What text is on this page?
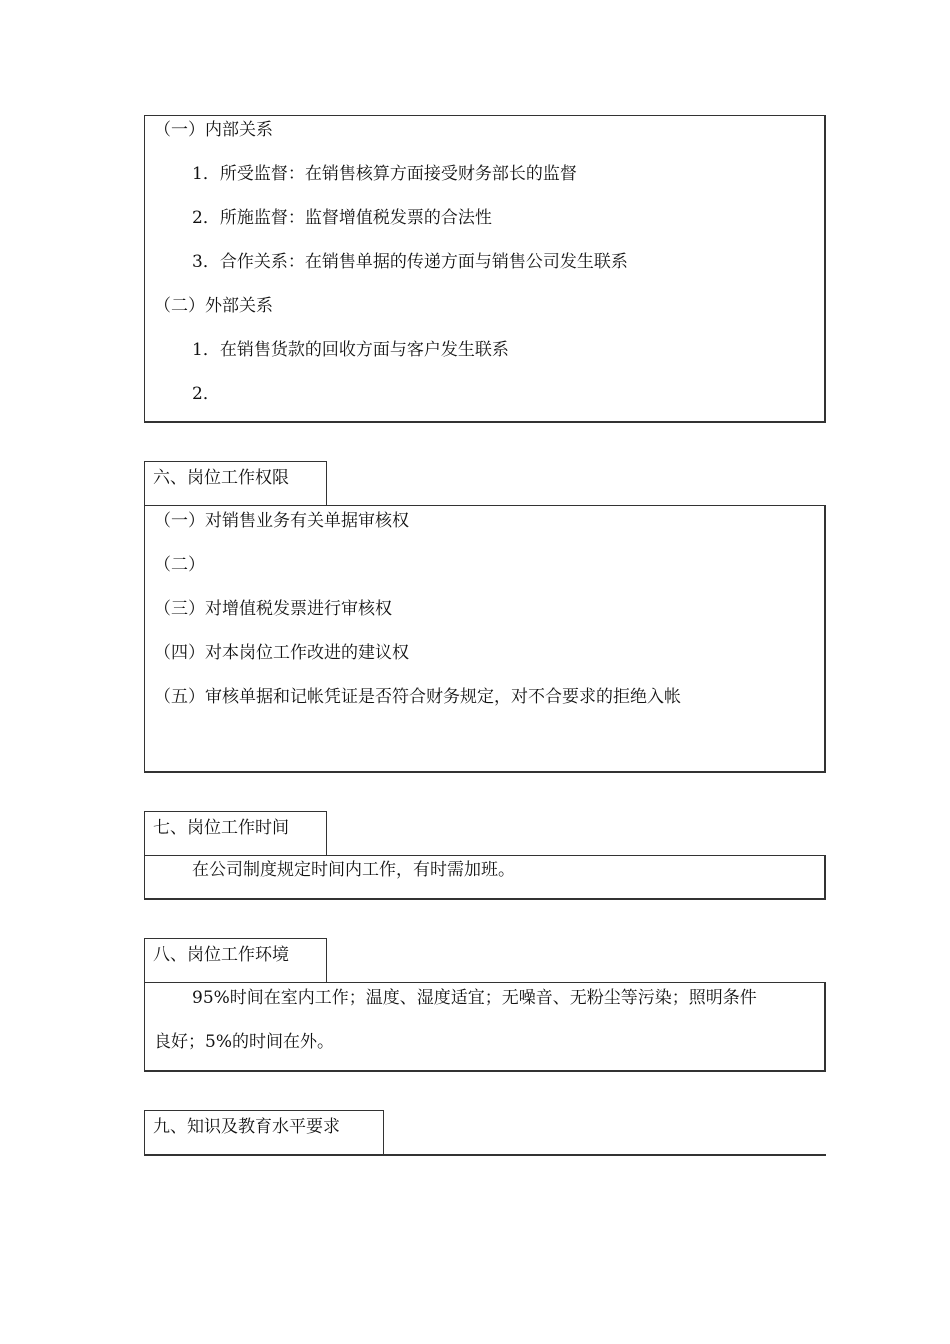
（一）内部关系
1．所受监督：在销售核算方面接受财务部长的监督
2．所施监督：监督增值税发票的合法性
3．合作关系：在销售单据的传递方面与销售公司发生联系
（二）外部关系
1．在销售货款的回收方面与客户发生联系
2．
六、岗位工作权限
（一）对销售业务有关单据审核权
（二）
（三）对增值税发票进行审核权
（四）对本岗位工作改进的建议权
（五）审核单据和记帐凭证是否符合财务规定，对不合要求的拒绝入帐
七、岗位工作时间
在公司制度规定时间内工作，有时需加班。
八、岗位工作环境
95%时间在室内工作；温度、湿度适宜；无噪音、无粉尘等污染；照明条件
良好；5%的时间在外。
九、知识及教育水平要求
